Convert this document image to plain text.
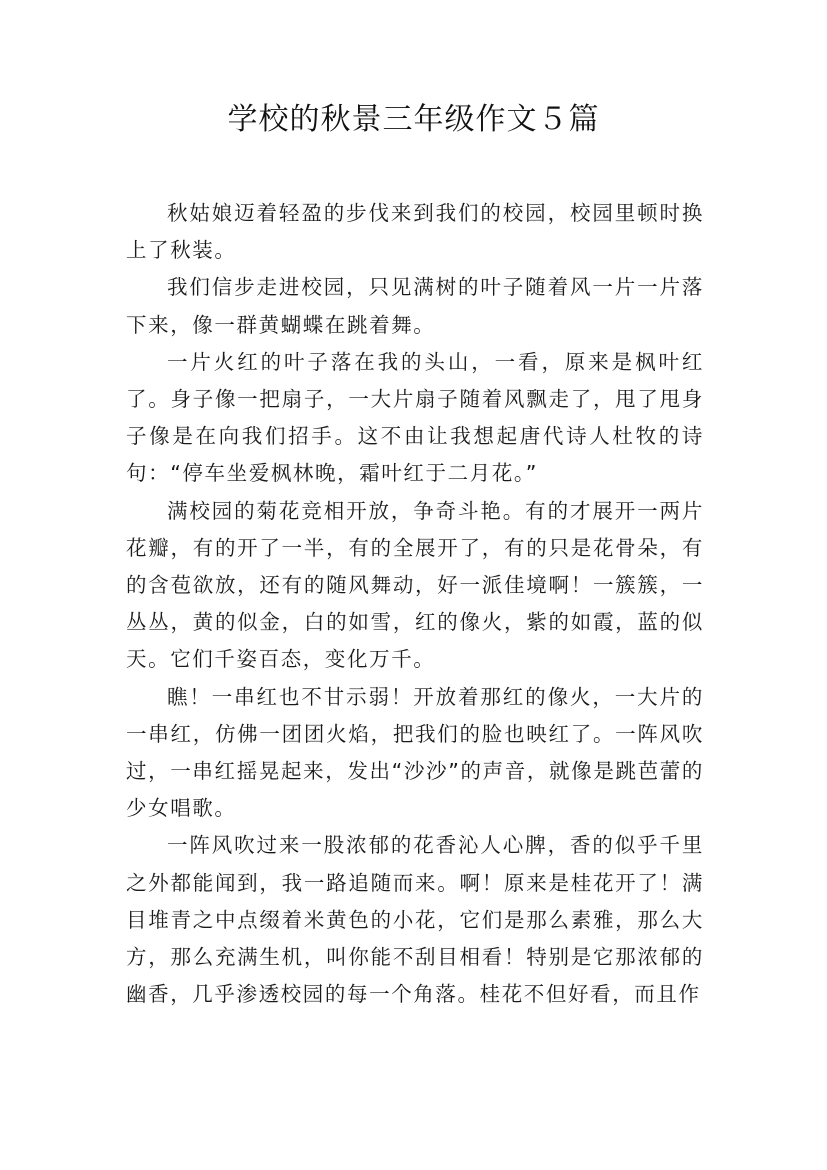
学校的秋景三年级作文５篇

秋姑娘迈着轻盈的步伐来到我们的校园，校园里顿时换上了秋装。

我们信步走进校园，只见满树的叶子随着风一片一片落下来，像一群黄蝴蝶在跳着舞。

一片火红的叶子落在我的头山，一看，原来是枫叶红了。身子像一把扇子，一大片扇子随着风飘走了，甩了甩身子像是在向我们招手。这不由让我想起唐代诗人杜牧的诗句：“停车坐爱枫林晚，霜叶红于二月花。”

满校园的菊花竞相开放，争奇斗艳。有的才展开一两片花瓣，有的开了一半，有的全展开了，有的只是花骨朵，有的含苞欲放，还有的随风舞动，好一派佳境啊！一簇簇，一丛丛，黄的似金，白的如雪，红的像火，紫的如霞，蓝的似天。它们千姿百态，变化万千。

瞧！一串红也不甘示弱！开放着那红的像火，一大片的一串红，仿佛一团团火焰，把我们的脸也映红了。一阵风吹过，一串红摇晃起来，发出“沙沙”的声音，就像是跳芭蕾的少女唱歌。

一阵风吹过来一股浓郁的花香沁人心脾，香的似乎千里之外都能闻到，我一路追随而来。啊！原来是桂花开了！满目堆青之中点缀着米黄色的小花，它们是那么素雅，那么大方，那么充满生机，叫你能不刮目相看！特别是它那浓郁的幽香，几乎渗透校园的每一个角落。桂花不但好看，而且作
